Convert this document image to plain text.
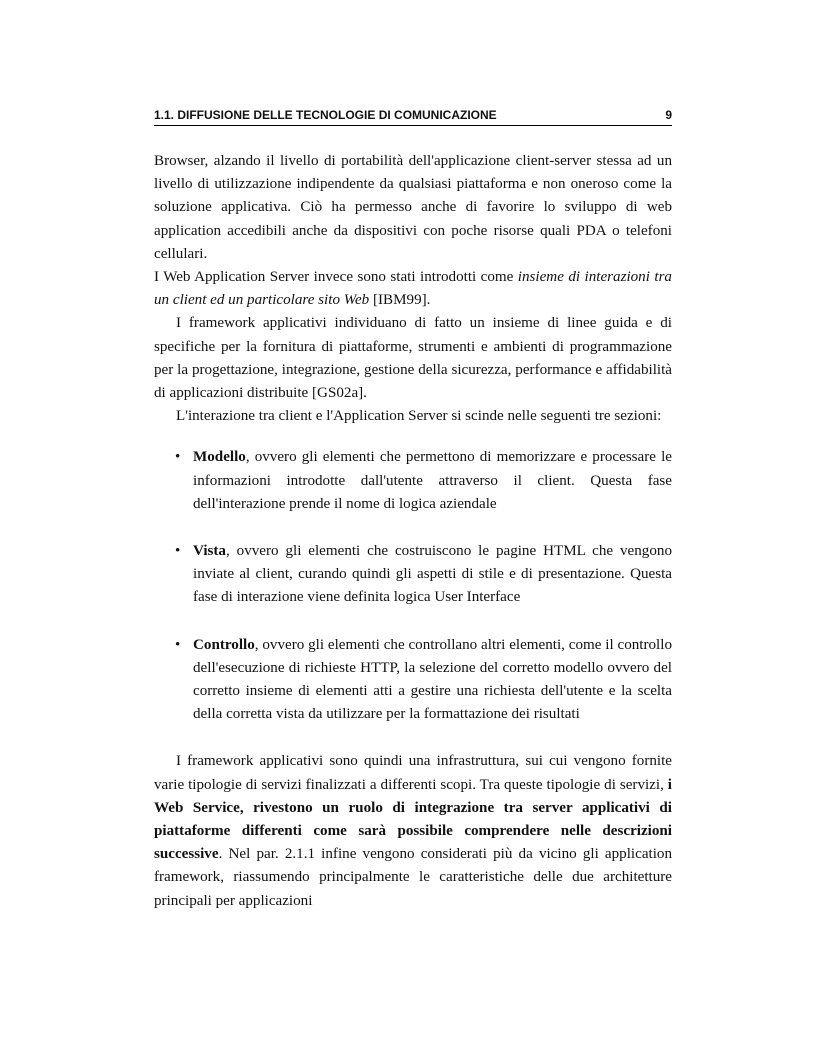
1.1. DIFFUSIONE DELLE TECNOLOGIE DI COMUNICAZIONE	9

Browser, alzando il livello di portabilità dell'applicazione client-server stessa ad un livello di utilizzazione indipendente da qualsiasi piattaforma e non oneroso come la soluzione applicativa. Ciò ha permesso anche di favorire lo sviluppo di web application accedibili anche da dispositivi con poche risorse quali PDA o telefoni cellulari.

I Web Application Server invece sono stati introdotti come insieme di interazioni tra un client ed un particolare sito Web [IBM99].

I framework applicativi individuano di fatto un insieme di linee guida e di specifiche per la fornitura di piattaforme, strumenti e ambienti di programmazione per la progettazione, integrazione, gestione della sicurezza, performance e affidabilità di applicazioni distribuite [GS02a].

L'interazione tra client e l'Application Server si scinde nelle seguenti tre sezioni:

• Modello, ovvero gli elementi che permettono di memorizzare e processare le informazioni introdotte dall'utente attraverso il client. Questa fase dell'interazione prende il nome di logica aziendale
• Vista, ovvero gli elementi che costruiscono le pagine HTML che vengono inviate al client, curando quindi gli aspetti di stile e di presentazione. Questa fase di interazione viene definita logica User Interface
• Controllo, ovvero gli elementi che controllano altri elementi, come il controllo dell'esecuzione di richieste HTTP, la selezione del corretto modello ovvero del corretto insieme di elementi atti a gestire una richiesta dell'utente e la scelta della corretta vista da utilizzare per la formattazione dei risultati

I framework applicativi sono quindi una infrastruttura, sui cui vengono fornite varie tipologie di servizi finalizzati a differenti scopi. Tra queste tipologie di servizi, i Web Service, rivestono un ruolo di integrazione tra server applicativi di piattaforme differenti come sarà possibile comprendere nelle descrizioni successive. Nel par. 2.1.1 infine vengono considerati più da vicino gli application framework, riassumendo principalmente le caratteristiche delle due architetture principali per applicazioni
